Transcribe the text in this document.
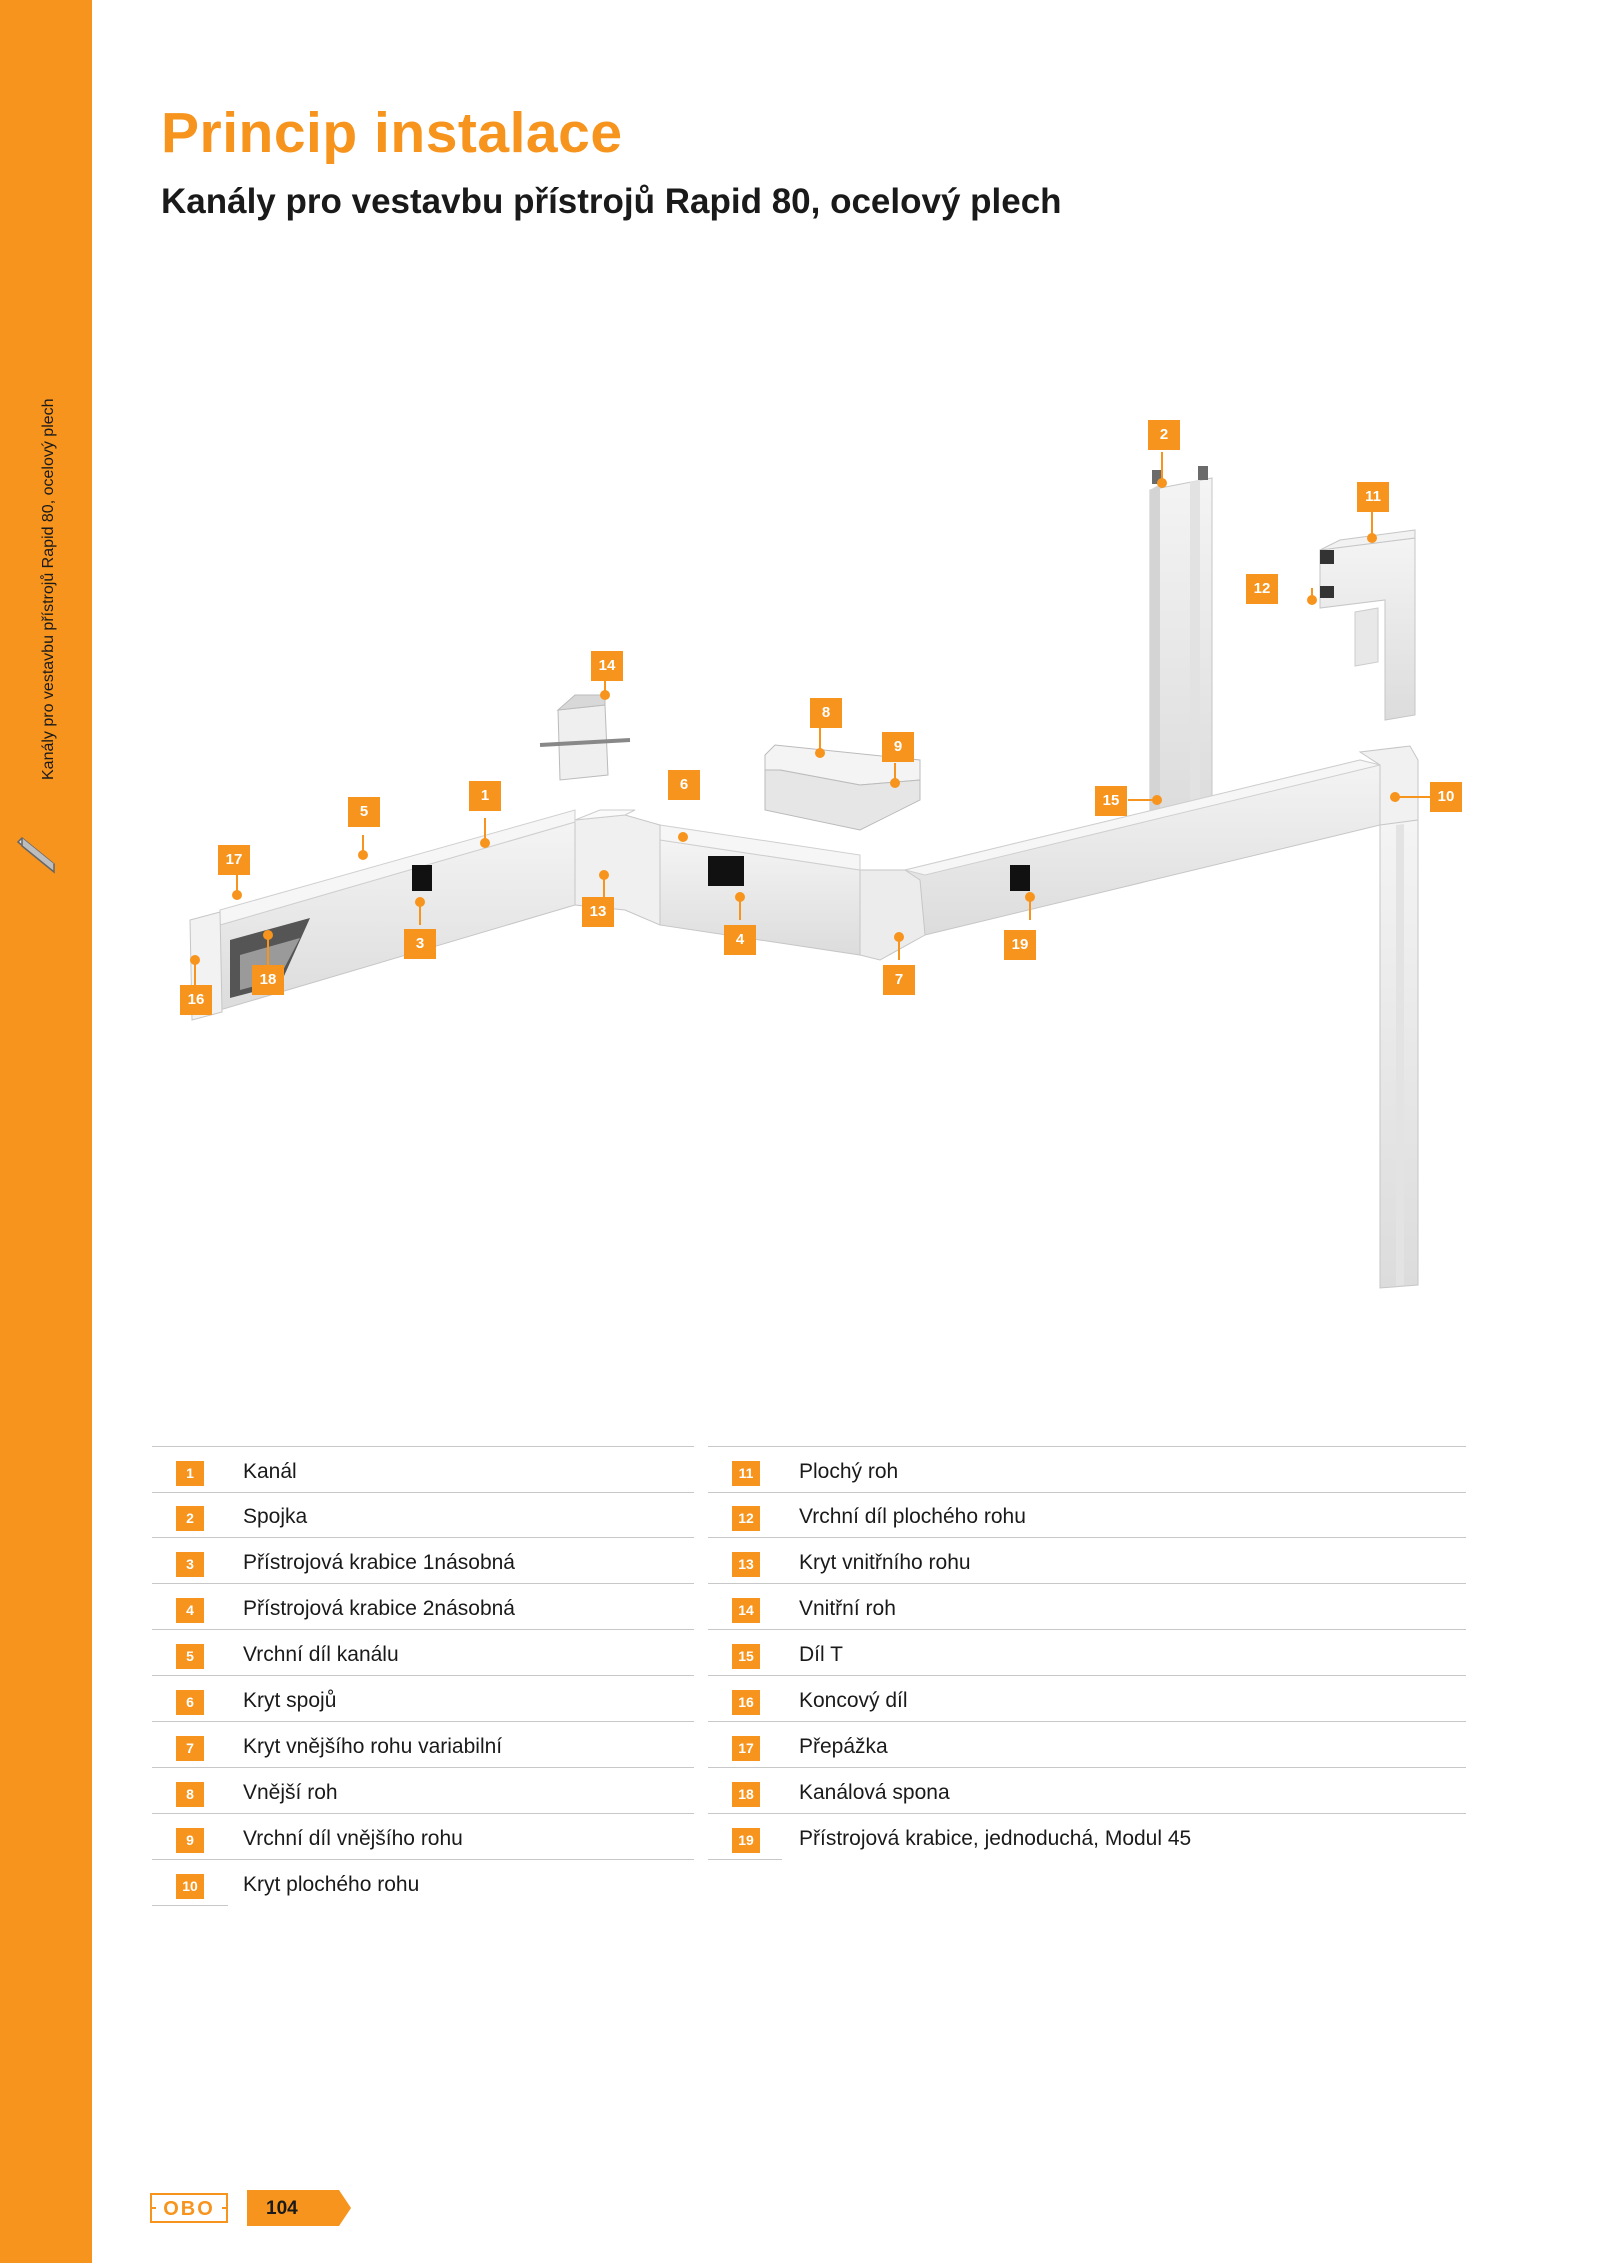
Kanály pro vestavbu přístrojů Rapid 80, ocelový plech
Princip instalace
Kanály pro vestavbu přístrojů Rapid 80, ocelový plech
2
11
12
10
15
14
8
9
6
1
5
17
13
3	4	19
18	7
16
1	Kanál
2	Spojka
3	Přístrojová krabice 1násobná
4	Přístrojová krabice 2násobná
5	Vrchní díl kanálu
6	Kryt spojů
7	Kryt vnějšího rohu variabilní
8	Vnější roh
9	Vrchní díl vnějšího rohu
10 Kryt plochého rohu
11	Plochý roh
12 Vrchní díl plochého rohu
13 Kryt vnitřního rohu
14 Vnitřní roh
15 Díl T
16 Koncový díl
17 Přepážka
18 Kanálová spona
19 Přístrojová krabice, jednoduchá, Modul 45
OBO	104
